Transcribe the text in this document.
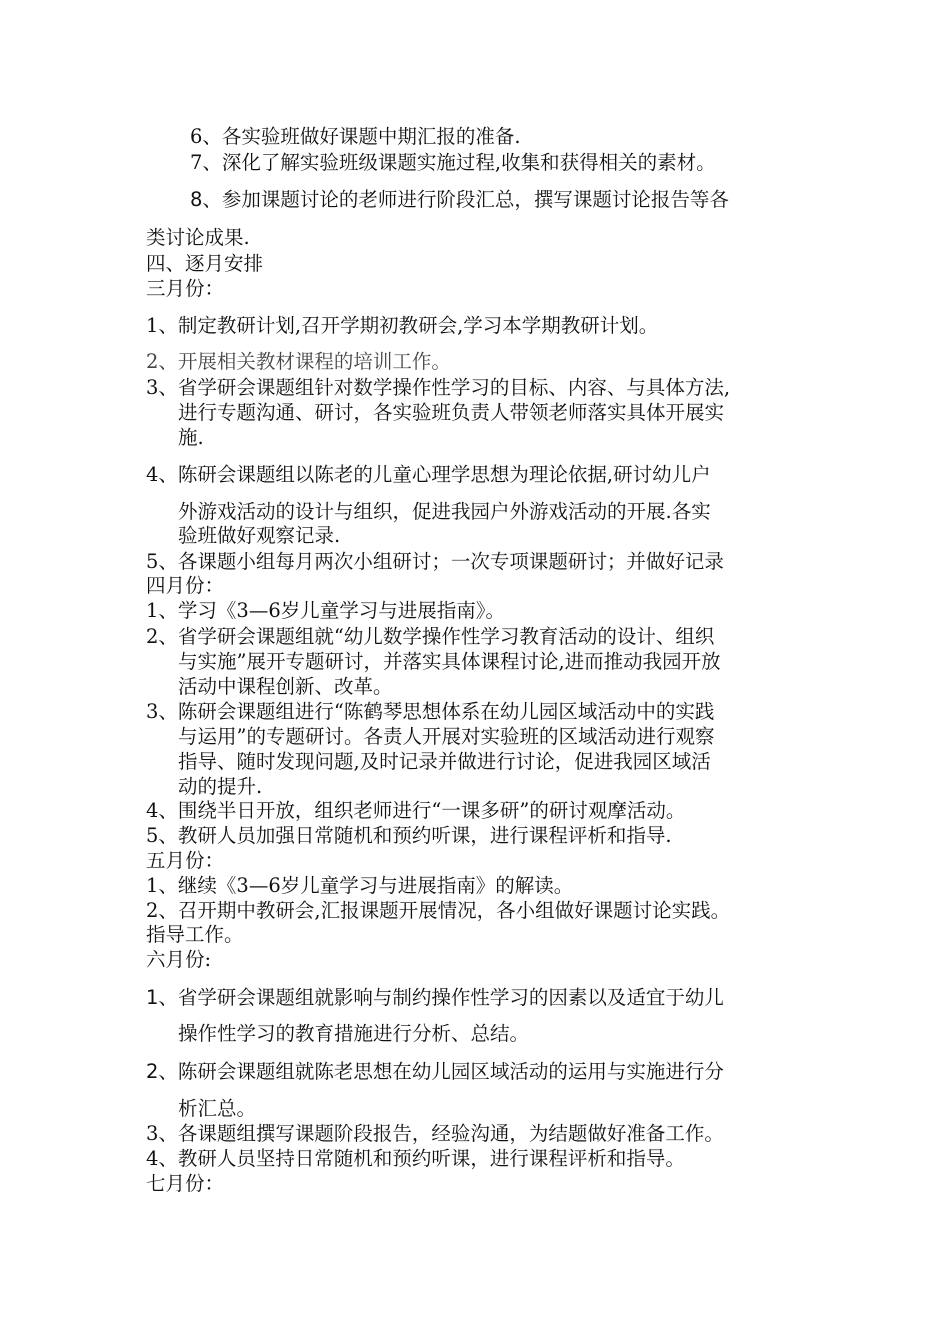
6、各实验班做好课题中期汇报的准备.
7、深化了解实验班级课题实施过程,收集和获得相关的素材。
8、参加课题讨论的老师进行阶段汇总，撰写课题讨论报告等各
类讨论成果.
四、逐月安排
三月份：
1、制定教研计划,召开学期初教研会,学习本学期教研计划。
2、开展相关教材课程的培训工作。
3、省学研会课题组针对数学操作性学习的目标、内容、与具体方法,
进行专题沟通、研讨，各实验班负责人带领老师落实具体开展实
施.
4、陈研会课题组以陈老的儿童心理学思想为理论依据,研讨幼儿户
外游戏活动的设计与组织，促进我园户外游戏活动的开展.各实
验班做好观察记录.
5、各课题小组每月两次小组研讨；一次专项课题研讨；并做好记录
四月份：
1、学习《3—6岁儿童学习与进展指南》。
2、省学研会课题组就“幼儿数学操作性学习教育活动的设计、组织
与实施”展开专题研讨，并落实具体课程讨论,进而推动我园开放
活动中课程创新、改革。
3、陈研会课题组进行“陈鹤琴思想体系在幼儿园区域活动中的实践
与运用”的专题研讨。各责人开展对实验班的区域活动进行观察
指导、随时发现问题,及时记录并做进行讨论，促进我园区域活
动的提升.
4、围绕半日开放，组织老师进行“一课多研”的研讨观摩活动。
5、教研人员加强日常随机和预约听课，进行课程评析和指导.
五月份：
1、继续《3—6岁儿童学习与进展指南》的解读。
2、召开期中教研会,汇报课题开展情况，各小组做好课题讨论实践。
指导工作。
六月份:
1、省学研会课题组就影响与制约操作性学习的因素以及适宜于幼儿
操作性学习的教育措施进行分析、总结。
2、陈研会课题组就陈老思想在幼儿园区域活动的运用与实施进行分
析汇总。
3、各课题组撰写课题阶段报告，经验沟通，为结题做好准备工作。
4、教研人员坚持日常随机和预约听课，进行课程评析和指导。
七月份：
